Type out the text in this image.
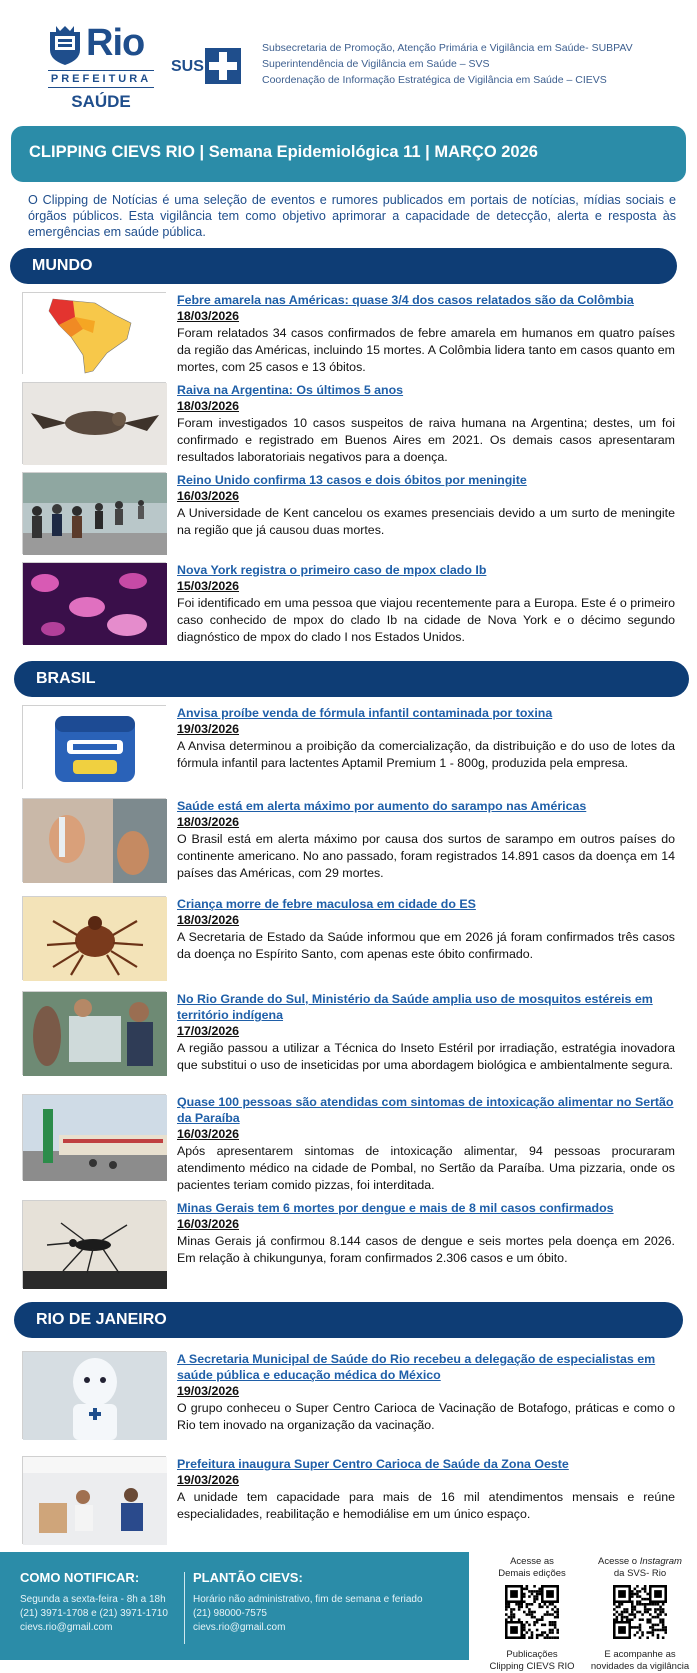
Rio
PREFEITURA
SAÚDE
SUS
Subsecretaria de Promoção, Atenção Primária e Vigilância em Saúde- SUBPAV
Superintendência de Vigilância em Saúde – SVS
Coordenação de Informação Estratégica de Vigilância em Saúde – CIEVS
CLIPPING CIEVS RIO | Semana Epidemiológica 11 | MARÇO 2026
O Clipping de Notícias é uma seleção de eventos e rumores publicados em portais de notícias, mídias sociais e órgãos públicos. Esta vigilância tem como objetivo aprimorar a capacidade de detecção, alerta e resposta às emergências em saúde pública.
MUNDO
Febre amarela nas Américas: quase 3/4 dos casos relatados são da Colômbia
18/03/2026
Foram relatados 34 casos confirmados de febre amarela em humanos em quatro países da região das Américas, incluindo 15 mortes. A Colômbia lidera tanto em casos quanto em mortes, com 25 casos e 13 óbitos.
Raiva na Argentina: Os últimos 5 anos
18/03/2026
Foram investigados 10 casos suspeitos de raiva humana na Argentina; destes, um foi confirmado e registrado em Buenos Aires em 2021. Os demais casos apresentaram resultados laboratoriais negativos para a doença.
Reino Unido confirma 13 casos e dois óbitos por meningite
16/03/2026
A Universidade de Kent cancelou os exames presenciais devido a um surto de meningite na região que já causou duas mortes.
Nova York registra o primeiro caso de mpox clado Ib
15/03/2026
Foi identificado em uma pessoa que viajou recentemente para a Europa. Este é o primeiro caso conhecido de mpox do clado Ib na cidade de Nova York e o décimo segundo diagnóstico de mpox do clado I nos Estados Unidos.
BRASIL
Anvisa proíbe venda de fórmula infantil contaminada por toxina
19/03/2026
A Anvisa determinou a proibição da comercialização, da distribuição e do uso de lotes da fórmula infantil para lactentes Aptamil Premium 1 - 800g, produzida pela empresa.
Saúde está em alerta máximo por aumento do sarampo nas Américas
18/03/2026
O Brasil está em alerta máximo por causa dos surtos de sarampo em outros países do continente americano. No ano passado, foram registrados 14.891 casos da doença em 14 países das Américas, com 29 mortes.
Criança morre de febre maculosa em cidade do ES
18/03/2026
A Secretaria de Estado da Saúde informou que em 2026 já foram confirmados três casos da doença no Espírito Santo, com apenas este óbito confirmado.
No Rio Grande do Sul, Ministério da Saúde amplia uso de mosquitos estéreis em território indígena
17/03/2026
A região passou a utilizar a Técnica do Inseto Estéril por irradiação, estratégia inovadora que substitui o uso de inseticidas por uma abordagem biológica e ambientalmente segura.
Quase 100 pessoas são atendidas com sintomas de intoxicação alimentar no Sertão da Paraíba
16/03/2026
Após apresentarem sintomas de intoxicação alimentar, 94 pessoas procuraram atendimento médico na cidade de Pombal, no Sertão da Paraíba. Uma pizzaria, onde os pacientes teriam comido pizzas, foi interditada.
Minas Gerais tem 6 mortes por dengue e mais de 8 mil casos confirmados
16/03/2026
Minas Gerais já confirmou 8.144 casos de dengue e seis mortes pela doença em 2026. Em relação à chikungunya, foram confirmados 2.306 casos e um óbito.
RIO DE JANEIRO
A Secretaria Municipal de Saúde do Rio recebeu a delegação de especialistas em saúde pública e educação médica do México
19/03/2026
O grupo conheceu o Super Centro Carioca de Vacinação de Botafogo, práticas e como o Rio tem inovado na organização da vacinação.
Prefeitura inaugura Super Centro Carioca de Saúde da Zona Oeste
19/03/2026
A unidade tem capacidade para mais de 16 mil atendimentos mensais e reúne especialidades, reabilitação e hemodiálise em um único espaço.
COMO NOTIFICAR:

Segunda a sexta-feira - 8h a 18h

(21) 3971-1708 e (21) 3971-1710

cievs.rio@gmail.com

PLANTÃO CIEVS:

Horário não administrativo, fim de semana e feriado

(21) 98000-7575

cievs.rio@gmail.com

Acesse as
Demais edições
Publicações
Clipping CIEVS RIO
Acesse o Instagram
da SVS- Rio
E acompanhe as
novidades da vigilância
